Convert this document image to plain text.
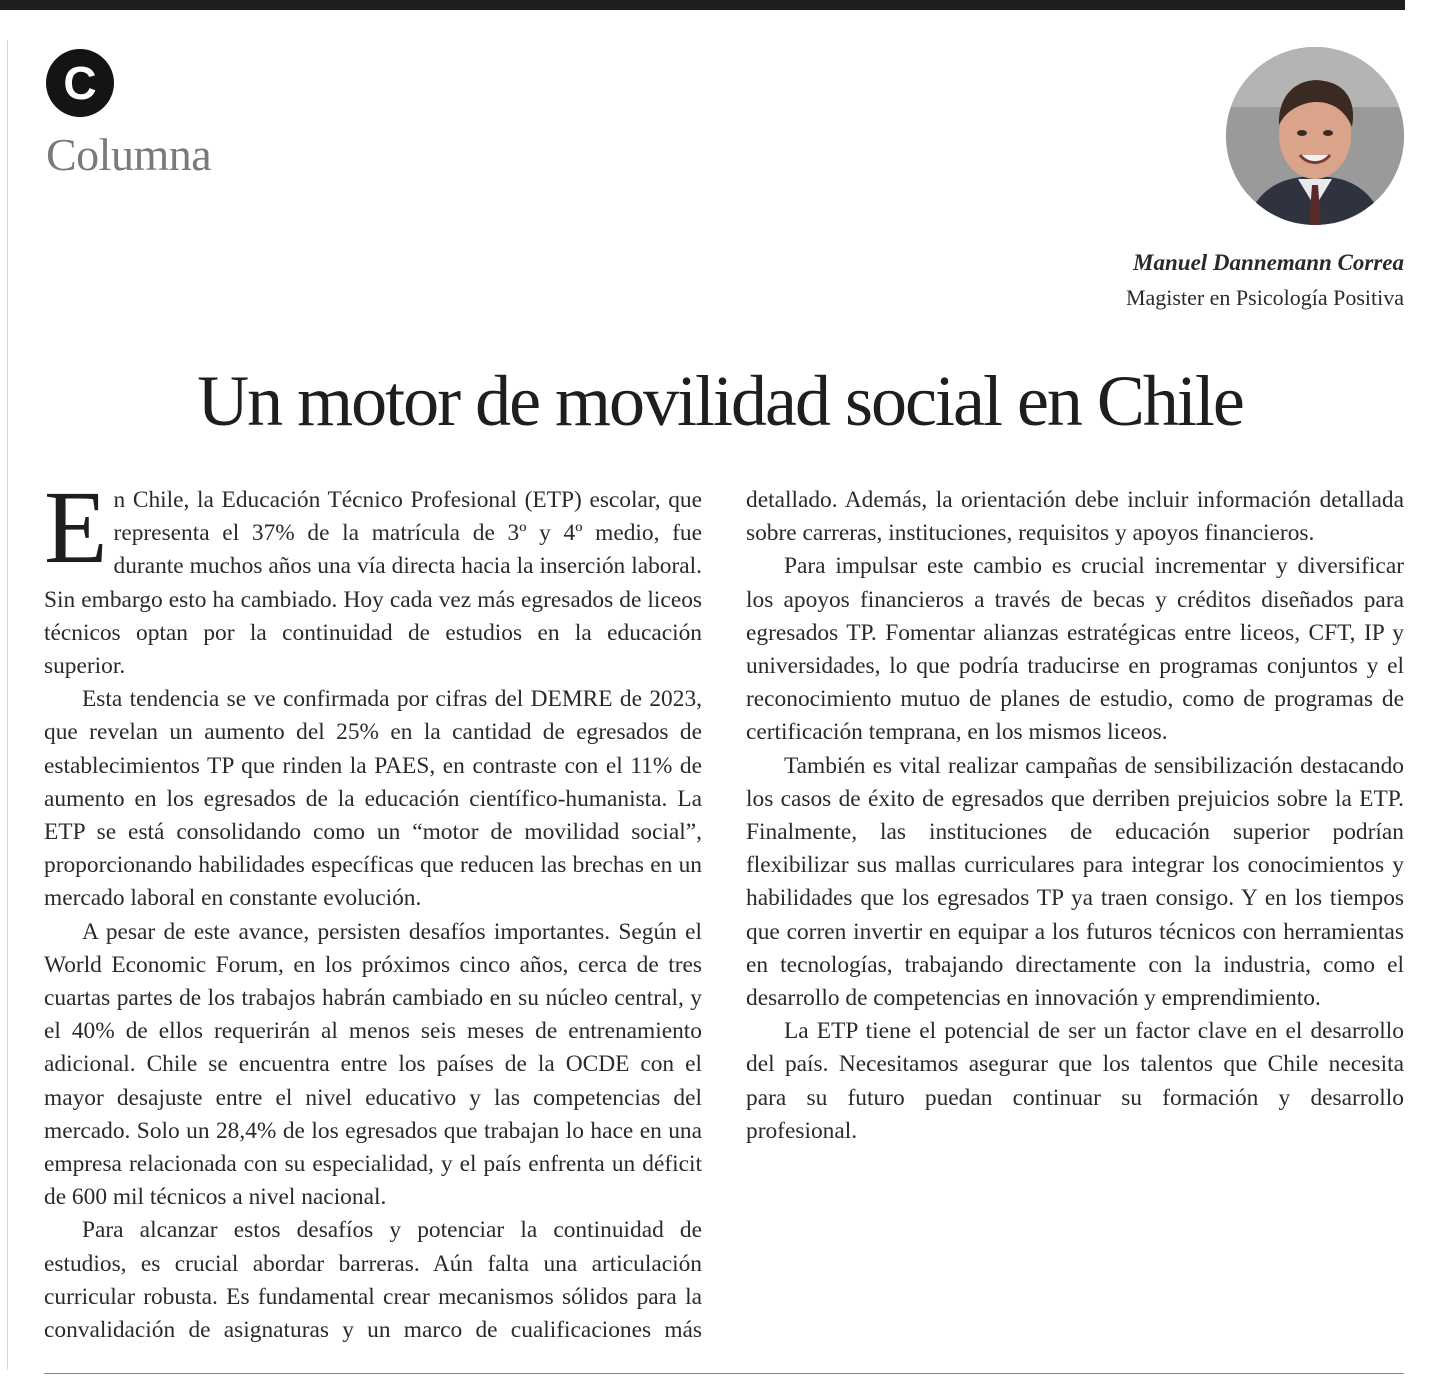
C
Columna
Manuel Dannemann Correa
Magister en Psicología Positiva
Un motor de movilidad social en Chile

En Chile, la Educación Técnico Profesional (ETP) escolar, que representa el 37% de la matrícula de 3º y 4º medio, fue durante muchos años una vía directa hacia la inserción laboral. Sin embargo esto ha cambiado. Hoy cada vez más egresados de liceos técnicos optan por la continuidad de estudios en la educación superior.

Esta tendencia se ve confirmada por cifras del DEMRE de 2023, que revelan un aumento del 25% en la cantidad de egresados de establecimientos TP que rinden la PAES, en contraste con el 11% de aumento en los egresados de la educación científico-humanista. La ETP se está consolidando como un “motor de movilidad social”, proporcionando habilidades específicas que reducen las brechas en un mercado laboral en constante evolución.

A pesar de este avance, persisten desafíos importantes. Según el World Economic Forum, en los próximos cinco años, cerca de tres cuartas partes de los trabajos habrán cambiado en su núcleo central, y el 40% de ellos requerirán al menos seis meses de entrenamiento adicional. Chile se encuentra entre los países de la OCDE con el mayor desajuste entre el nivel educativo y las competencias del mercado. Solo un 28,4% de los egresados que trabajan lo hace en una empresa relacionada con su especialidad, y el país enfrenta un déficit de 600 mil técnicos a nivel nacional.

Para alcanzar estos desafíos y potenciar la continuidad de estudios, es crucial abordar barreras. Aún falta una articulación curricular robusta. Es fundamental crear mecanismos sólidos para la convalidación de asignaturas y un marco de cualificaciones más detallado. Además, la orientación debe incluir información detallada sobre carreras, instituciones, requisitos y apoyos financieros.

Para impulsar este cambio es crucial incrementar y diversificar los apoyos financieros a través de becas y créditos diseñados para egresados TP. Fomentar alianzas estratégicas entre liceos, CFT, IP y universidades, lo que podría traducirse en programas conjuntos y el reconocimiento mutuo de planes de estudio, como de programas de certificación temprana, en los mismos liceos.

También es vital realizar campañas de sensibilización destacando los casos de éxito de egresados que derriben prejuicios sobre la ETP. Finalmente, las instituciones de educación superior podrían flexibilizar sus mallas curriculares para integrar los conocimientos y habilidades que los egresados TP ya traen consigo. Y en los tiempos que corren invertir en equipar a los futuros técnicos con herramientas en tecnologías, trabajando directamente con la industria, como el desarrollo de competencias en innovación y emprendimiento.

La ETP tiene el potencial de ser un factor clave en el desarrollo del país. Necesitamos asegurar que los talentos que Chile necesita para su futuro puedan continuar su formación y desarrollo profesional.
